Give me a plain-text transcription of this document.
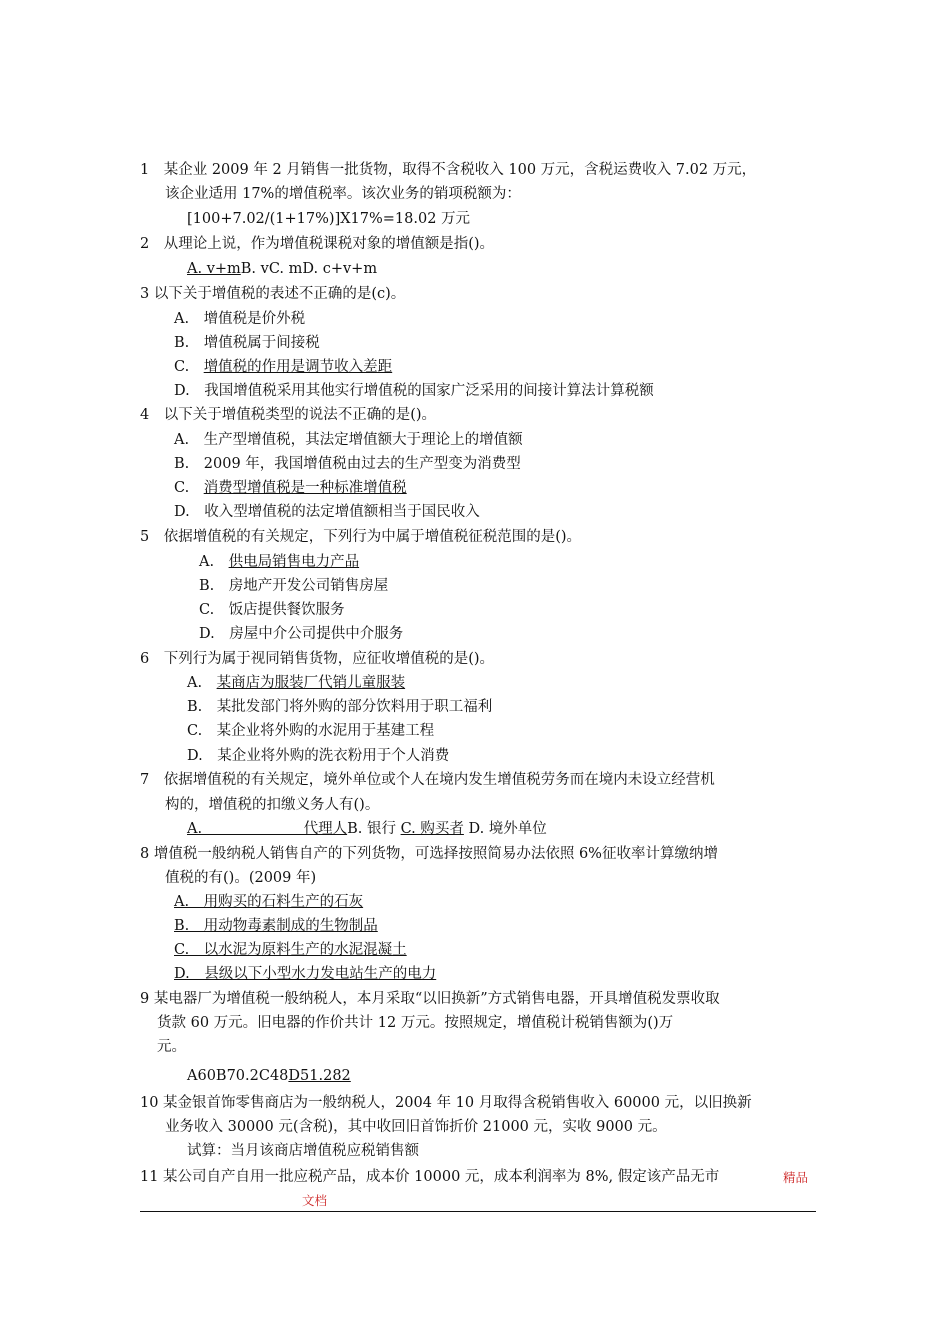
1　某企业 2009 年 2 月销售一批货物，取得不含税收入 100 万元，含税运费收入 7.02 万元，
该企业适用 17%的增值税率。该次业务的销项税额为：
[100+7.02/(1+17%)]X17%=18.02 万元
2　从理论上说，作为增值税课税对象的增值额是指()。
A. v+mB. vC. mD. c+v+m
3 以下关于增值税的表述不正确的是(c)。
A.　增值税是价外税
B.　增值税属于间接税
C.　增值税的作用是调节收入差距
D.　我国增值税采用其他实行增值税的国家广泛采用的间接计算法计算税额
4　以下关于增值税类型的说法不正确的是()。
A.　生产型增值税，其法定增值额大于理论上的增值额
B.　2009 年，我国增值税由过去的生产型变为消费型
C.　消费型增值税是一种标准增值税
D.　收入型增值税的法定增值额相当于国民收入
5　依据增值税的有关规定，下列行为中属于增值税征税范围的是()。
A.　供电局销售电力产品
B.　房地产开发公司销售房屋
C.　饭店提供餐饮服务
D.　房屋中介公司提供中介服务
6　下列行为属于视同销售货物，应征收增值税的是()。
A.　某商店为服装厂代销儿童服装
B.　某批发部门将外购的部分饮料用于职工福利
C.　某企业将外购的水泥用于基建工程
D.　某企业将外购的洗衣粉用于个人消费
7　依据增值税的有关规定，境外单位或个人在境内发生增值税劳务而在境内未设立经营机
构的，增值税的扣缴义务人有()。
A.　　　　　　　代理人B. 银行 C. 购买者 D. 境外单位
8 增值税一般纳税人销售自产的下列货物，可选择按照简易办法依照 6%征收率计算缴纳增
值税的有()。(2009 年)
A.　用购买的石料生产的石灰
B.　用动物毒素制成的生物制品
C.　以水泥为原料生产的水泥混凝土
D.　县级以下小型水力发电站生产的电力
9 某电器厂为增值税一般纳税人，本月采取“以旧换新”方式销售电器，开具增值税发票收取
货款 60 万元。旧电器的作价共计 12 万元。按照规定，增值税计税销售额为()万
元。
A60B70.2C48D51.282
10 某金银首饰零售商店为一般纳税人，2004 年 10 月取得含税销售收入 60000 元，以旧换新
业务收入 30000 元(含税)，其中收回旧首饰折价 21000 元，实收 9000 元。
试算：当月该商店增值税应税销售额
11 某公司自产自用一批应税产品，成本价 10000 元，成本利润率为 8%, 假定该产品无市	精品
文档
